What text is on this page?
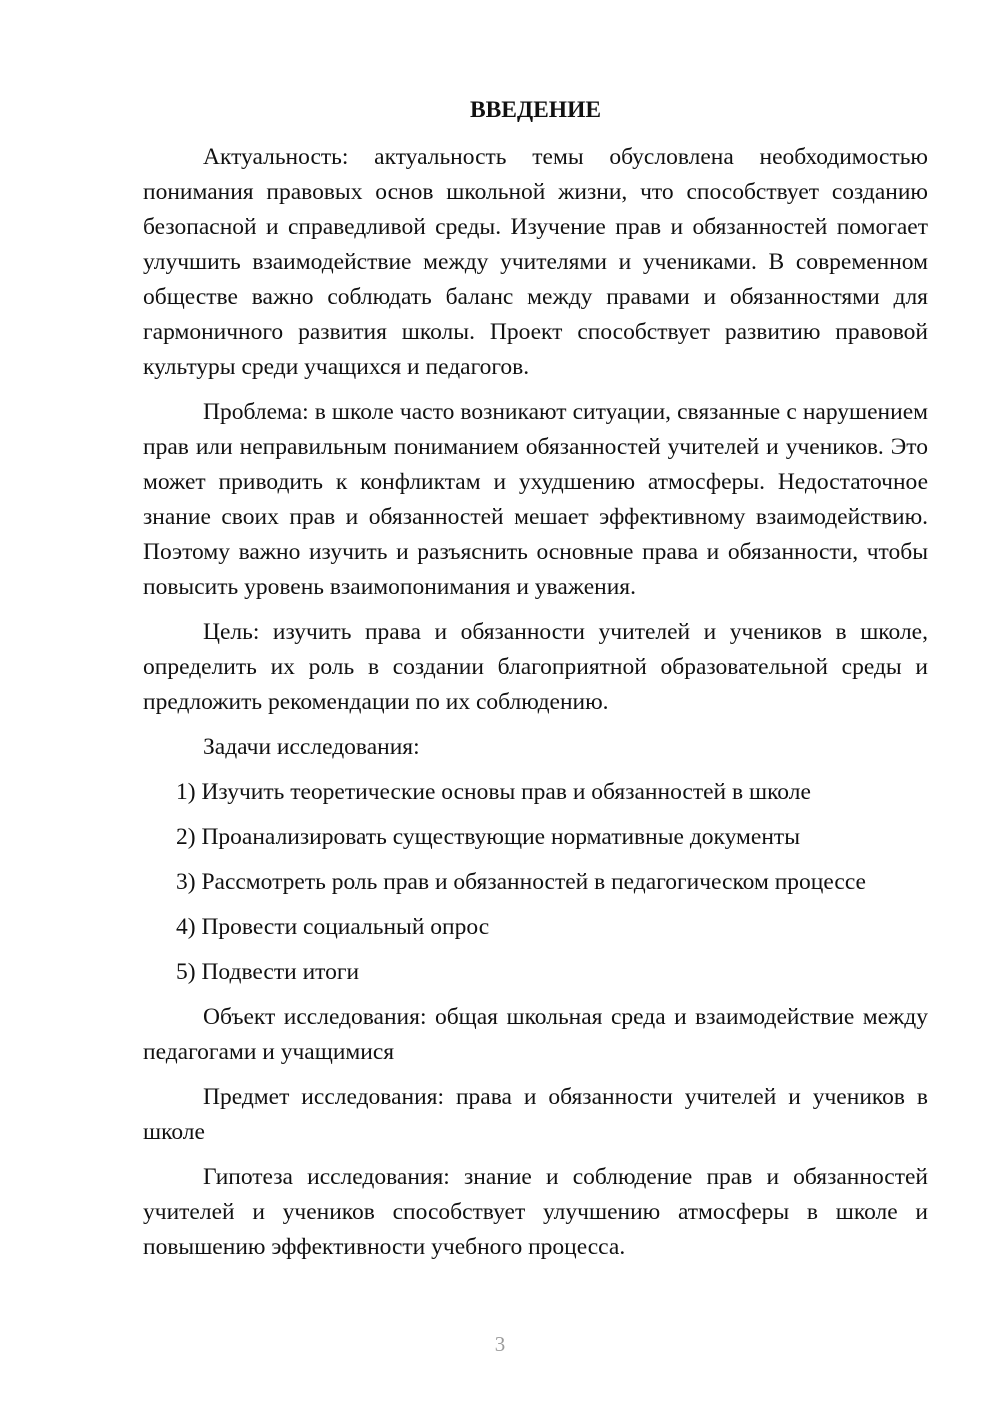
ВВЕДЕНИЕ

Актуальность: актуальность темы обусловлена необходимостью понимания правовых основ школьной жизни, что способствует созданию безопасной и справедливой среды. Изучение прав и обязанностей помогает улучшить взаимодействие между учителями и учениками. В современном обществе важно соблюдать баланс между правами и обязанностями для гармоничного развития школы. Проект способствует развитию правовой культуры среди учащихся и педагогов.

Проблема: в школе часто возникают ситуации, связанные с нарушением прав или неправильным пониманием обязанностей учителей и учеников. Это может приводить к конфликтам и ухудшению атмосферы. Недостаточное знание своих прав и обязанностей мешает эффективному взаимодействию. Поэтому важно изучить и разъяснить основные права и обязанности, чтобы повысить уровень взаимопонимания и уважения.

Цель: изучить права и обязанности учителей и учеников в школе, определить их роль в создании благоприятной образовательной среды и предложить рекомендации по их соблюдению.

Задачи исследования:

1) Изучить теоретические основы прав и обязанностей в школе
2) Проанализировать существующие нормативные документы
3) Рассмотреть роль прав и обязанностей в педагогическом процессе
4) Провести социальный опрос
5) Подвести итоги

Объект исследования: общая школьная среда и взаимодействие между педагогами и учащимися

Предмет исследования: права и обязанности учителей и учеников в школе

Гипотеза исследования: знание и соблюдение прав и обязанностей учителей и учеников способствует улучшению атмосферы в школе и повышению эффективности учебного процесса.

3
